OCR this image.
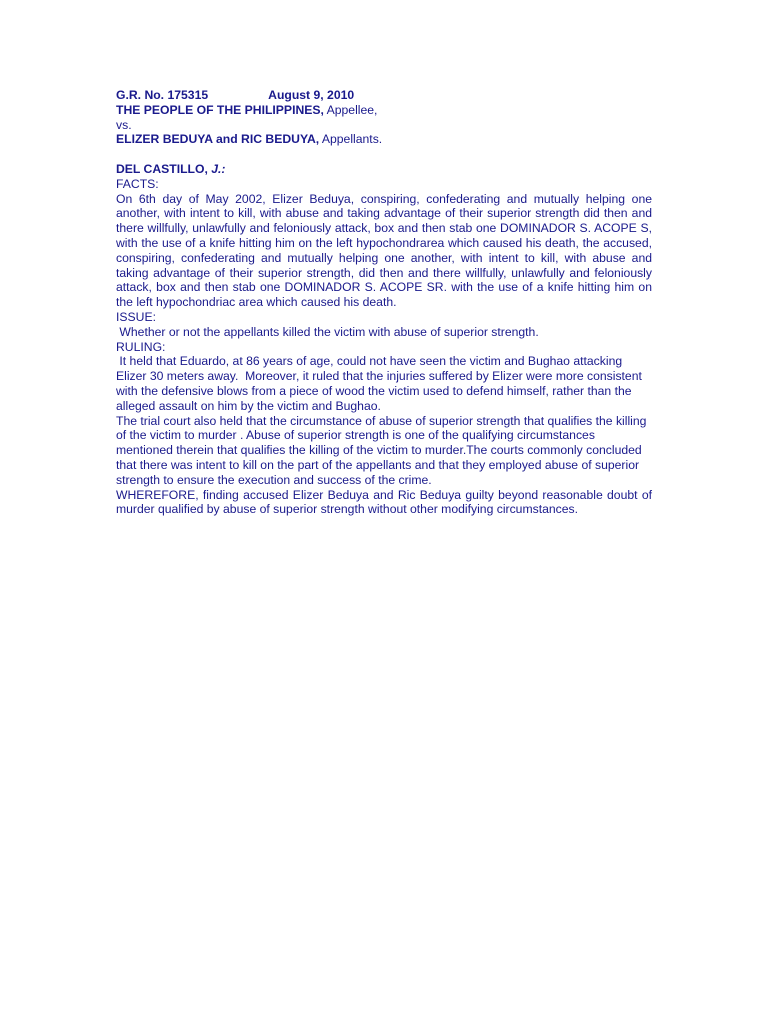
G.R. No. 175315	August 9, 2010
THE PEOPLE OF THE PHILIPPINES, Appellee,
vs.
ELIZER BEDUYA and RIC BEDUYA, Appellants.
DEL CASTILLO, J.:
FACTS:
On 6th day of May 2002, Elizer Beduya, conspiring, confederating and mutually helping one another, with intent to kill, with abuse and taking advantage of their superior strength did then and there willfully, unlawfully and feloniously attack, box and then stab one DOMINADOR S. ACOPE S, with the use of a knife hitting him on the left hypochondrarea which caused his death, the accused, conspiring, confederating and mutually helping one another, with intent to kill, with abuse and taking advantage of their superior strength, did then and there willfully, unlawfully and feloniously attack, box and then stab one DOMINADOR S. ACOPE SR. with the use of a knife hitting him on the left hypochondriac area which caused his death.
ISSUE:
Whether or not the appellants killed the victim with abuse of superior strength.
RULING:
It held that Eduardo, at 86 years of age, could not have seen the victim and Bughao attacking Elizer 30 meters away.  Moreover, it ruled that the injuries suffered by Elizer were more consistent with the defensive blows from a piece of wood the victim used to defend himself, rather than the alleged assault on him by the victim and Bughao.
The trial court also held that the circumstance of abuse of superior strength that qualifies the killing of the victim to murder . Abuse of superior strength is one of the qualifying circumstances mentioned therein that qualifies the killing of the victim to murder.The courts commonly concluded that there was intent to kill on the part of the appellants and that they employed abuse of superior strength to ensure the execution and success of the crime.
WHEREFORE, finding accused Elizer Beduya and Ric Beduya guilty beyond reasonable doubt of murder qualified by abuse of superior strength without other modifying circumstances.
